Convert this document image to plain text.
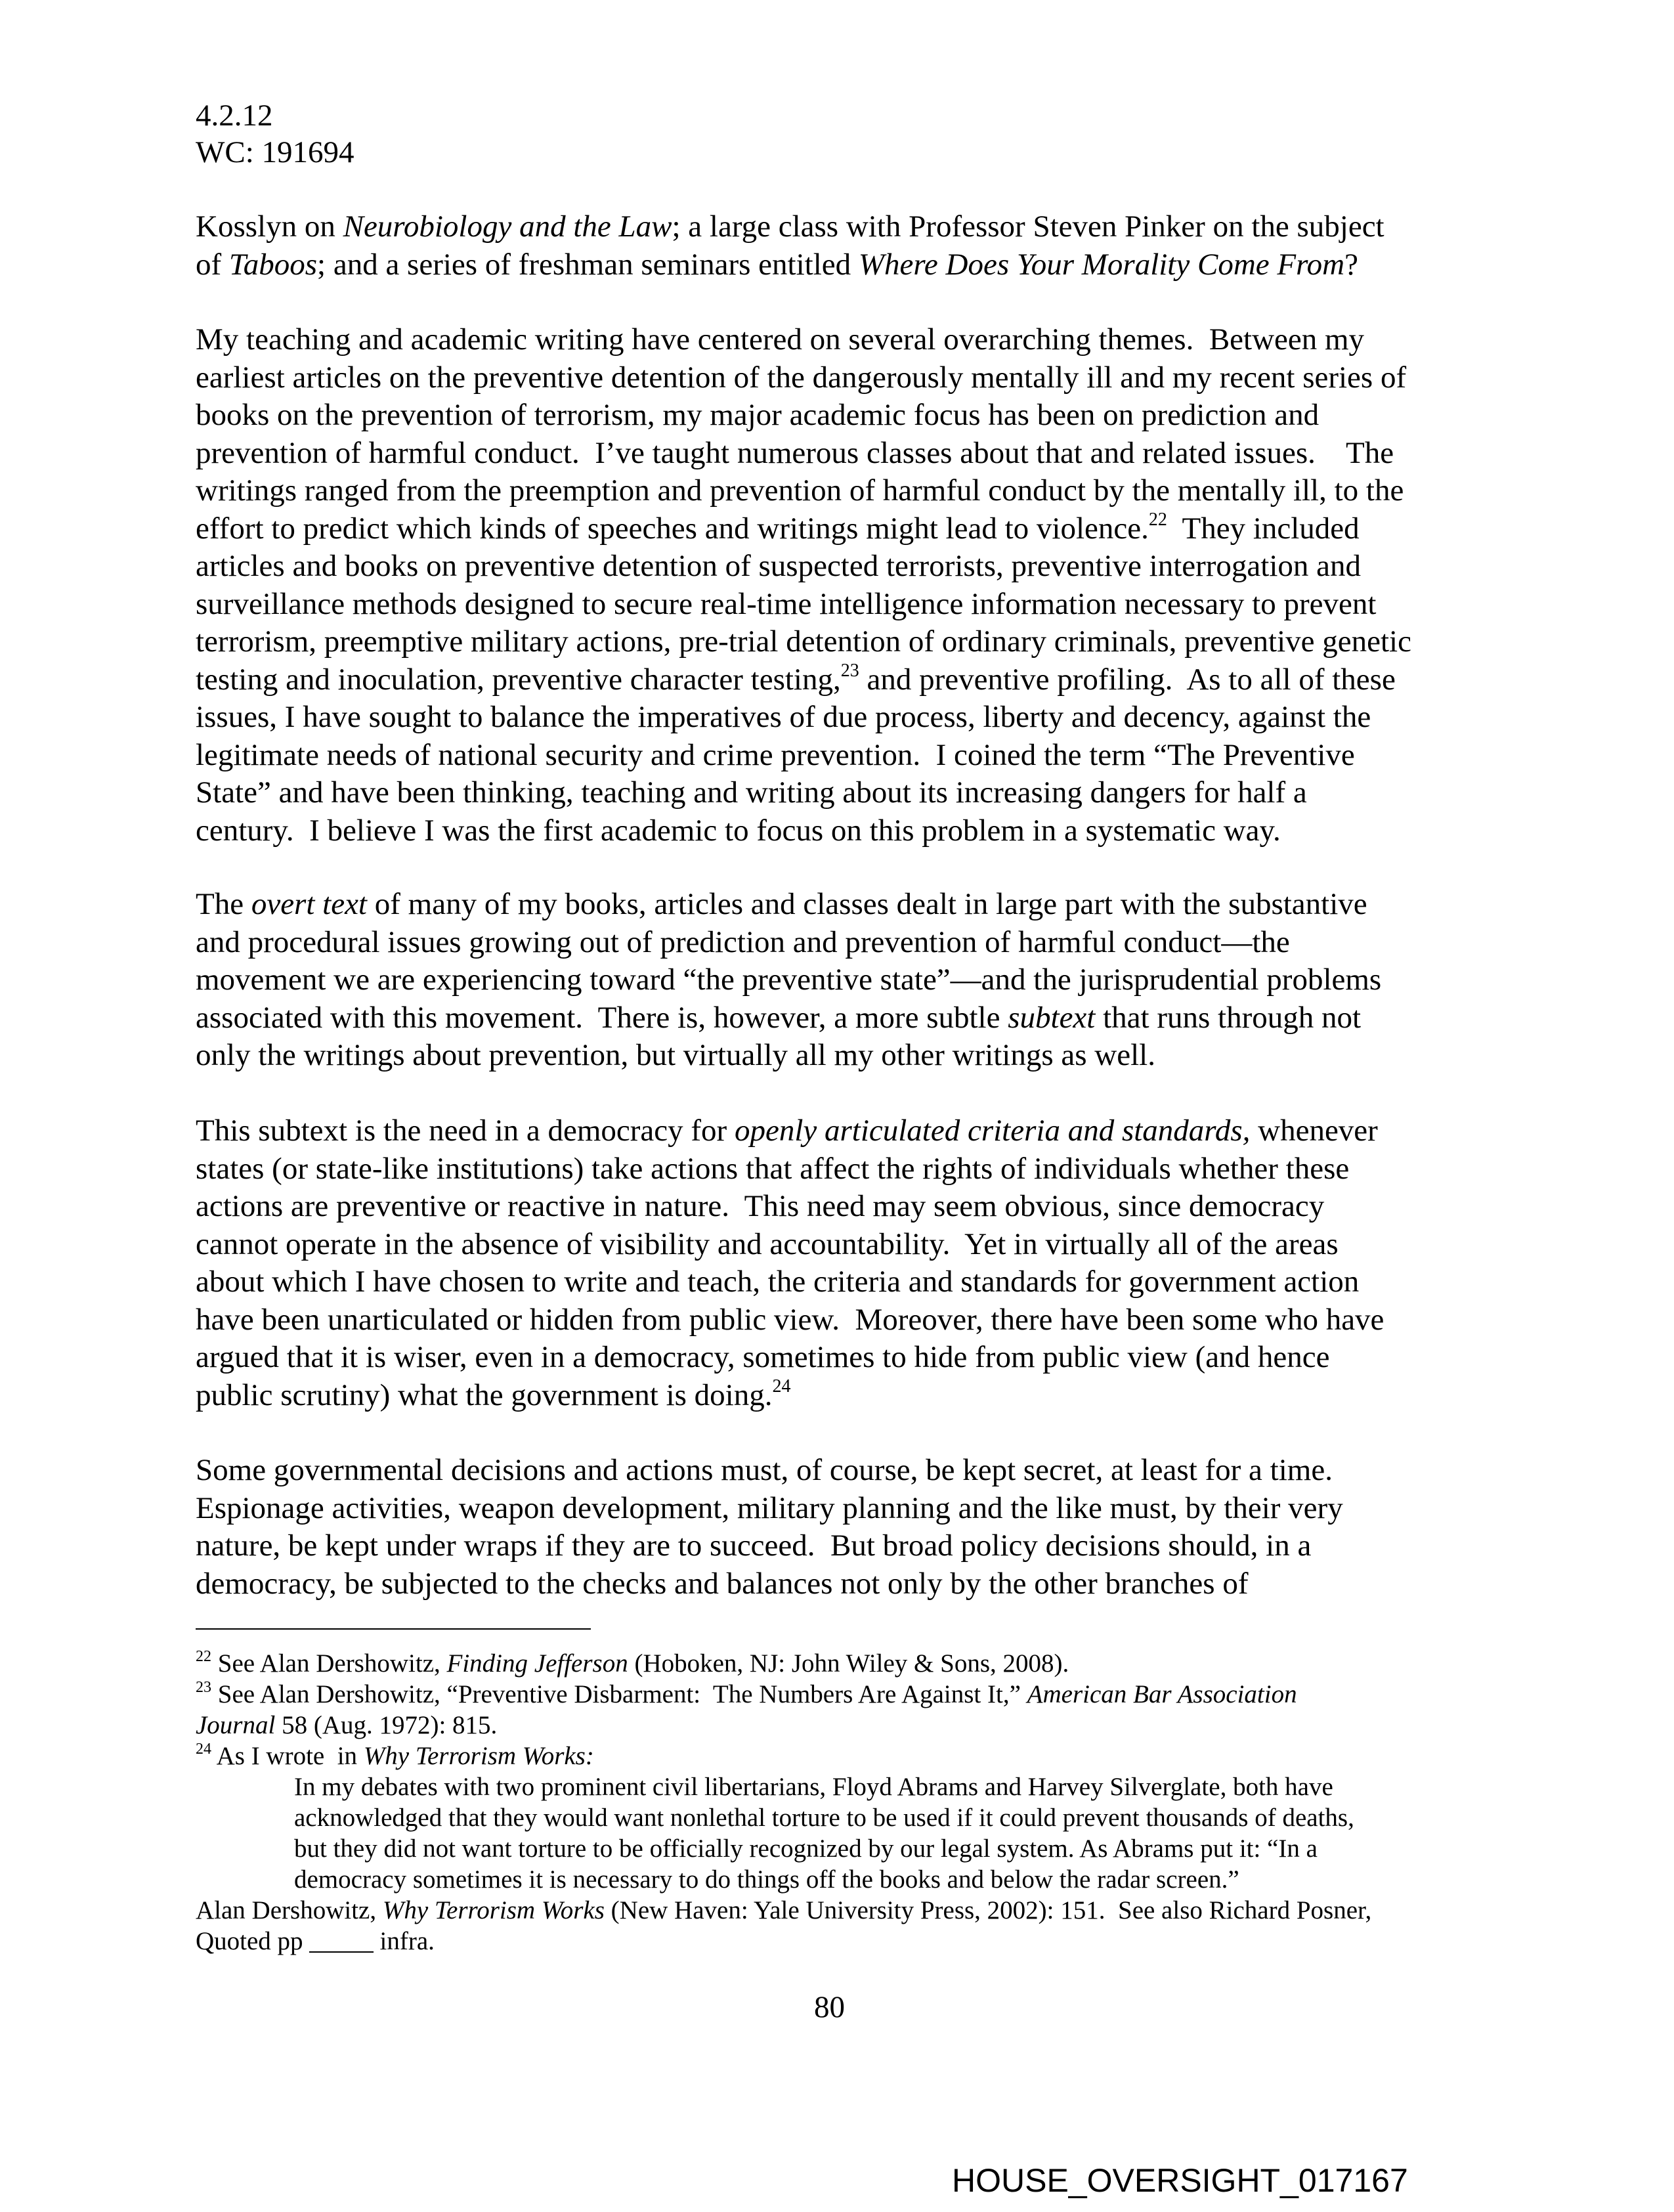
4.2.12
WC: 191694
Kosslyn on Neurobiology and the Law; a large class with Professor Steven Pinker on the subject
of Taboos; and a series of freshman seminars entitled Where Does Your Morality Come From?
My teaching and academic writing have centered on several overarching themes.  Between my
earliest articles on the preventive detention of the dangerously mentally ill and my recent series of
books on the prevention of terrorism, my major academic focus has been on prediction and
prevention of harmful conduct.  I’ve taught numerous classes about that and related issues.    The
writings ranged from the preemption and prevention of harmful conduct by the mentally ill, to the
effort to predict which kinds of speeches and writings might lead to violence.$^{22}$  They included
articles and books on preventive detention of suspected terrorists, preventive interrogation and
surveillance methods designed to secure real-time intelligence information necessary to prevent
terrorism, preemptive military actions, pre-trial detention of ordinary criminals, preventive genetic
testing and inoculation, preventive character testing,$^{23}$ and preventive profiling.  As to all of these
issues, I have sought to balance the imperatives of due process, liberty and decency, against the
legitimate needs of national security and crime prevention.  I coined the term “The Preventive
State” and have been thinking, teaching and writing about its increasing dangers for half a
century.  I believe I was the first academic to focus on this problem in a systematic way.
The overt text of many of my books, articles and classes dealt in large part with the substantive
and procedural issues growing out of prediction and prevention of harmful conduct—the
movement we are experiencing toward “the preventive state”—and the jurisprudential problems
associated with this movement.  There is, however, a more subtle subtext that runs through not
only the writings about prevention, but virtually all my other writings as well.
This subtext is the need in a democracy for openly articulated criteria and standards, whenever
states (or state-like institutions) take actions that affect the rights of individuals whether these
actions are preventive or reactive in nature.  This need may seem obvious, since democracy
cannot operate in the absence of visibility and accountability.  Yet in virtually all of the areas
about which I have chosen to write and teach, the criteria and standards for government action
have been unarticulated or hidden from public view.  Moreover, there have been some who have
argued that it is wiser, even in a democracy, sometimes to hide from public view (and hence
public scrutiny) what the government is doing.$^{24}$
Some governmental decisions and actions must, of course, be kept secret, at least for a time.
Espionage activities, weapon development, military planning and the like must, by their very
nature, be kept under wraps if they are to succeed.  But broad policy decisions should, in a
democracy, be subjected to the checks and balances not only by the other branches of
$^{22}$ See Alan Dershowitz, Finding Jefferson (Hoboken, NJ: John Wiley & Sons, 2008).
$^{23}$ See Alan Dershowitz, “Preventive Disbarment:  The Numbers Are Against It,” American Bar Association
Journal 58 (Aug. 1972): 815.
$^{24}$ As I wrote  in Why Terrorism Works:
In my debates with two prominent civil libertarians, Floyd Abrams and Harvey Silverglate, both have
acknowledged that they would want nonlethal torture to be used if it could prevent thousands of deaths,
but they did not want torture to be officially recognized by our legal system. As Abrams put it: “In a
democracy sometimes it is necessary to do things off the books and below the radar screen.”
Alan Dershowitz, Why Terrorism Works (New Haven: Yale University Press, 2002): 151.  See also Richard Posner,
Quoted pp _____ infra.
80
HOUSE_OVERSIGHT_017167
